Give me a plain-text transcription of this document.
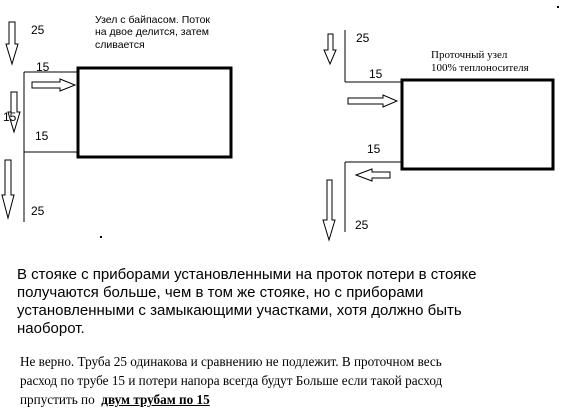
25
15
15
15
25
Узел с байпасом. Поток
на двое делится, затем
сливается	25
15
15
25
Проточный узел
100% теплоносителя
В стояке с приборами установленными на проток потери в стояке
получаются больше, чем в том же стояке, но с приборами
установленными с замыкающими участками, хотя должно быть
наоборот.
Не верно. Труба 25 одинакова и сравнению не подлежит. В проточном весь
расход по трубе 15 и потери напора всегда будут Больше если такой расход
прпустить по  двум трубам по 15
